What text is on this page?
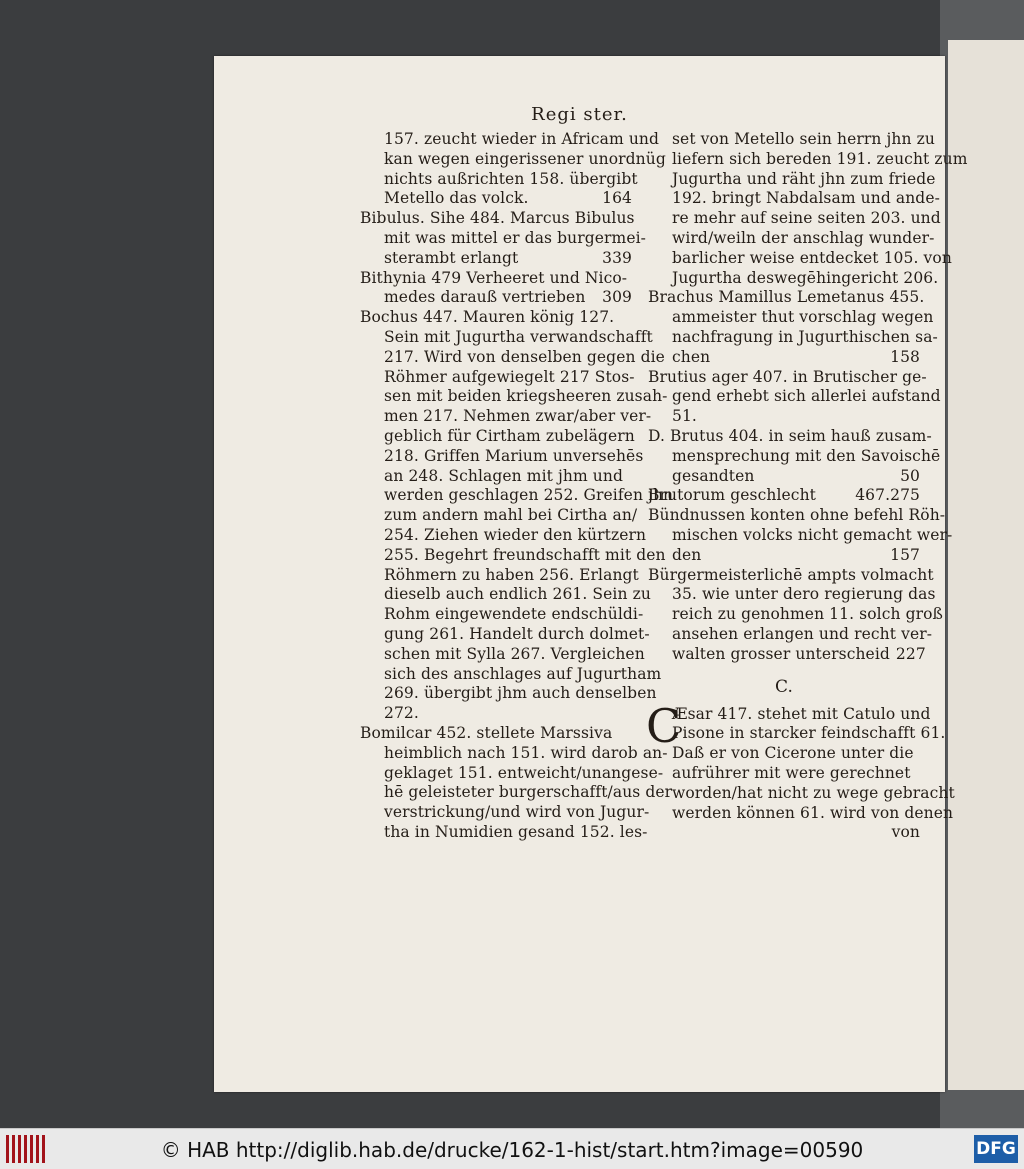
Regi ster.
157. zeucht wieder in Africam und
kan wegen eingerissener unordnüg
nichts außrichten 158. übergibt
Metello das volck.	164
Bibulus. Sihe 484. Marcus Bibulus
mit was mittel er das burgermei-
sterambt erlangt	339
Bithynia 479 Verheeret und Nico-
medes darauß vertrieben	309
Bochus 447. Mauren könig 127.
Sein mit Jugurtha verwandschafft
217. Wird von denselben gegen die
Röhmer aufgewiegelt 217 Stos-
sen mit beiden kriegsheeren zusah-
men 217. Nehmen zwar/aber ver-
geblich für Cirtham zubelägern
218. Griffen Marium unversehēs
an 248. Schlagen mit jhm und
werden geschlagen 252. Greifen jhn
zum andern mahl bei Cirtha an/
254. Ziehen wieder den kürtzern
255. Begehrt freundschafft mit den
Röhmern zu haben 256. Erlangt
dieselb auch endlich 261. Sein zu
Rohm eingewendete endschüldi-
gung 261. Handelt durch dolmet-
schen mit Sylla 267. Vergleichen
sich des anschlages auf Jugurtham
269. übergibt jhm auch denselben
272.
Bomilcar 452. stellete Marssiva
heimblich nach 151. wird darob an-
geklaget 151. entweicht/unangese-
hē geleisteter burgerschafft/aus der
verstrickung/und wird von Jugur-
tha in Numidien gesand 152. les-
set von Metello sein herrn jhn zu
liefern sich bereden 191. zeucht zum
Jugurtha und räht jhn zum friede
192. bringt Nabdalsam und ande-
re mehr auf seine seiten 203. und
wird/weiln der anschlag wunder-
barlicher weise entdecket 105. von
Jugurtha deswegēhingericht 206.
Brachus Mamillus Lemetanus 455.
ammeister thut vorschlag wegen
nachfragung in Jugurthischen sa-
chen	158
Brutius ager 407. in Brutischer ge-
gend erhebt sich allerlei aufstand
51.
D. Brutus 404. in seim hauß zusam-
mensprechung mit den Savoischē
gesandten	50
Brutorum geschlecht	467.275
Bündnussen konten ohne befehl Röh-
mischen volcks nicht gemacht wer-
den	157
Bürgermeisterlichē ampts volmacht
35. wie unter dero regierung das
reich zu genohmen 11. solch groß
ansehen erlangen und recht ver-
walten grosser unterscheid 227
C.
Æsar 417. stehet mit Catulo und
C
Pisone in starcker feindschafft 61.
Daß er von Cicerone unter die
aufrührer mit were gerechnet
worden/hat nicht zu wege gebracht
werden können 61. wird von denen
von
© HAB http://diglib.hab.de/drucke/162-1-hist/start.htm?image=00590	DFG
